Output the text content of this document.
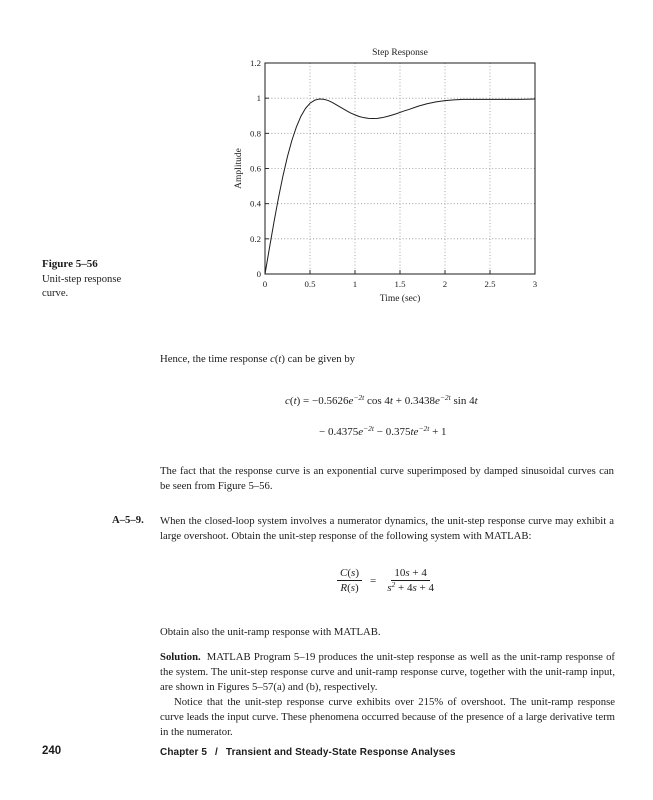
0	0.5	1	1.5	2	2.5	3
0
0.2
0.4
0.6
0.8
1
1.2
Step Response
Time (sec)
Amplitude
Figure 5–56
Unit-step response
curve.

Hence, the time response c(t) can be given by

$c(t) = -0.5626e^{-2t}$ $\cos 4t + 0.3438e^{-2t}$ sin 4t
− $0.4375e^{-2t} - 0.375te^{-2t} + 1$

The fact that the response curve is an exponential curve superimposed by damped sinusoidal curves can be seen from Figure 5–56.

A–5–9. When the closed-loop system involves a numerator dynamics, the unit-step response curve may exhibit a large overshoot. Obtain the unit-step response of the following system with MATLAB:

$\frac{C(s)}{R(s)} = \frac{10s + 4}{s^2 + 4s + 4}$

Obtain also the unit-ramp response with MATLAB.

Solution. MATLAB Program 5–19 produces the unit-step response as well as the unit-ramp response of the system. The unit-step response curve and unit-ramp response curve, together with the unit-ramp input, are shown in Figures 5–57(a) and (b), respectively.

Notice that the unit-step response curve exhibits over 215% of overshoot. The unit-ramp response curve leads the input curve. These phenomena occurred because of the presence of a large derivative term in the numerator.

240	Chapter 5 / Transient and Steady-State Response Analyses
